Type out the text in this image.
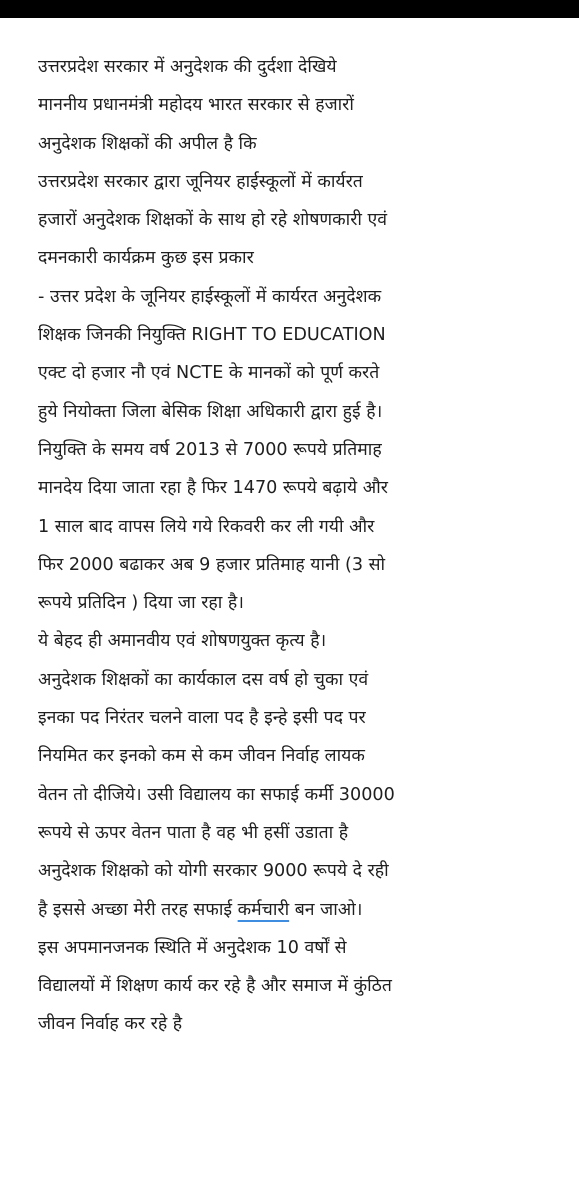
उत्तरप्रदेश सरकार में अनुदेशक की दुर्दशा देखिये
माननीय प्रधानमंत्री महोदय भारत सरकार से हजारों
अनुदेशक शिक्षकों की अपील है कि
उत्तरप्रदेश सरकार द्वारा जूनियर हाईस्कूलों में कार्यरत
हजारों अनुदेशक शिक्षकों के साथ हो रहे शोषणकारी एवं
दमनकारी कार्यक्रम कुछ इस प्रकार
- उत्तर प्रदेश के जूनियर हाईस्कूलों में कार्यरत अनुदेशक
शिक्षक जिनकी नियुक्ति RIGHT TO EDUCATION
एक्ट दो हजार नौ एवं NCTE के मानकों को पूर्ण करते
हुये नियोक्ता जिला बेसिक शिक्षा अधिकारी द्वारा हुई है।
नियुक्ति के समय वर्ष 2013 से 7000 रूपये प्रतिमाह
मानदेय दिया जाता रहा है फिर 1470 रूपये बढ़ाये और
1 साल बाद वापस लिये गये रिकवरी कर ली गयी और
फिर 2000 बढाकर अब 9 हजार प्रतिमाह यानी (3 सो
रूपये प्रतिदिन ) दिया जा रहा है।
ये बेहद ही अमानवीय एवं शोषणयुक्त कृत्य है।
अनुदेशक शिक्षकों का कार्यकाल दस वर्ष हो चुका एवं
इनका पद निरंतर चलने वाला पद है इन्हे इसी पद पर
नियमित कर इनको कम से कम जीवन निर्वाह लायक
वेतन तो दीजिये। उसी विद्यालय का सफाई कर्मी 30000
रूपये से ऊपर वेतन पाता है वह भी हसीं उडाता है
अनुदेशक शिक्षको को योगी सरकार 9000 रूपये दे रही
है इससे अच्छा मेरी तरह सफाई कर्मचारी बन जाओ।
इस अपमानजनक स्थिति में अनुदेशक 10 वर्षों से
विद्यालयों में शिक्षण कार्य कर रहे है और समाज में कुंठित
जीवन निर्वाह कर रहे है
